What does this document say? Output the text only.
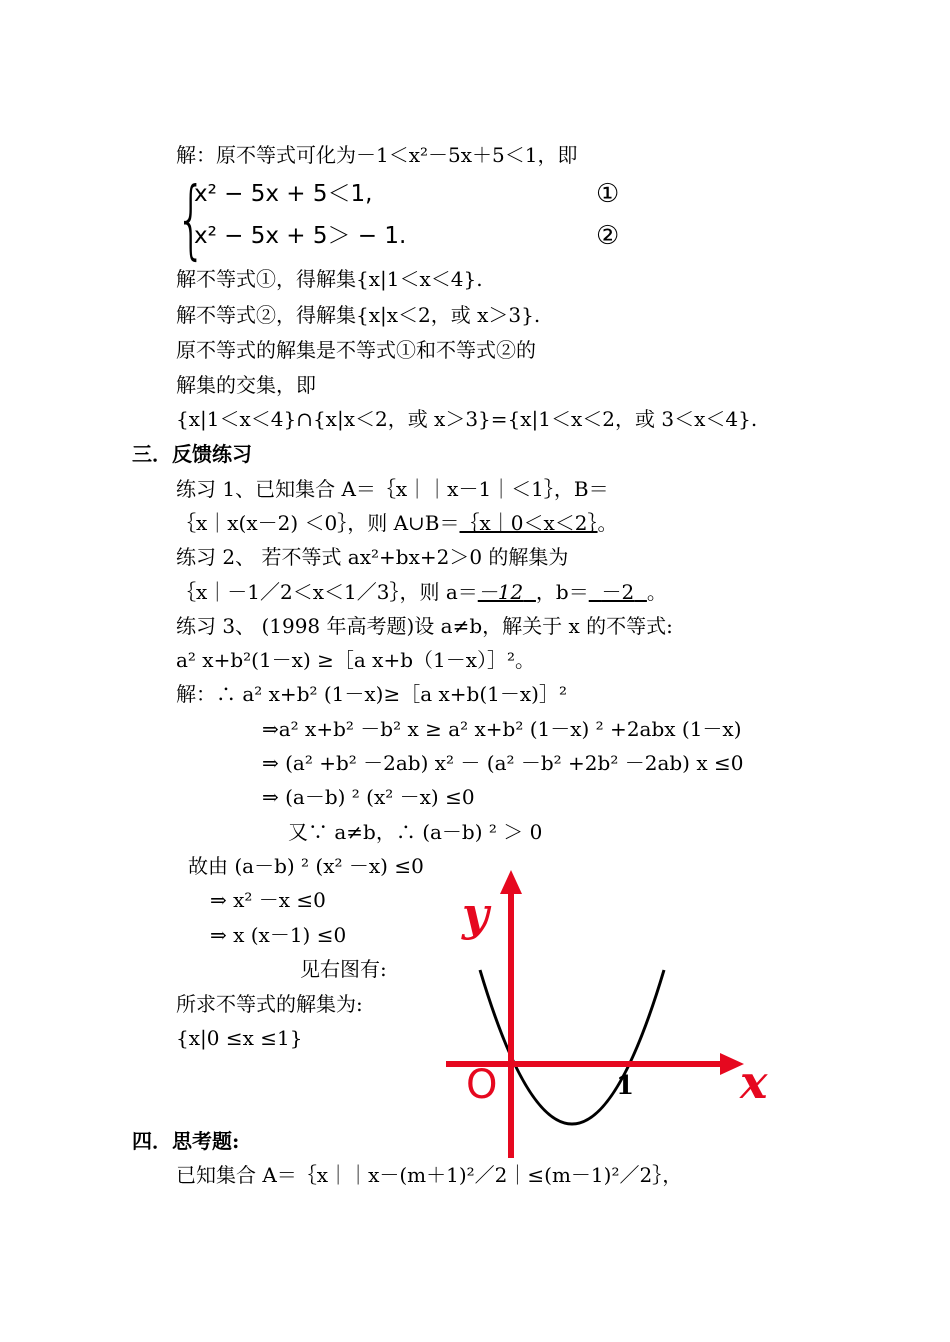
解：原不等式可化为－1＜x²－5x＋5＜1，即
{
x² − 5x + 5＜1,
x² − 5x + 5＞ − 1.
①
②
解不等式①，得解集{x|1＜x＜4}.
解不等式②，得解集{x|x＜2，或 x＞3}.
原不等式的解集是不等式①和不等式②的
解集的交集，即
{x|1＜x＜4}∩{x|x＜2，或 x＞3}={x|1＜x＜2，或 3＜x＜4}.
三．反馈练习
练习 1、已知集合 A＝｛x｜｜x－1｜＜1｝，B＝
｛x｜x(x－2) ＜0｝，则 A∪B＝｛x｜0＜x＜2｝。
练习 2、 若不等式 ax²+bx+2＞0 的解集为
｛x｜－1／2＜x＜1／3｝，则 a＝－12 ，b＝ －2 。
练习 3、 (1998 年高考题)设 a≠b，解关于 x 的不等式:
a² x+b²(1－x) ≥［a x+b（1－x）］²。
解：∴ a² x+b² (1－x)≥［a x+b(1－x)］²
⇒a² x+b² －b² x ≥ a² x+b² (1－x) ² +2abx (1－x)
⇒ (a² +b² －2ab) x² － (a² －b² +2b² －2ab) x ≤0
⇒ (a－b) ² (x² －x) ≤0
又∵ a≠b，∴ (a－b) ² ＞ 0
故由 (a－b) ² (x² －x) ≤0
⇒ x² －x ≤0
⇒ x (x－1) ≤0
见右图有:
所求不等式的解集为:
{x|0 ≤x ≤1}
y
x
O	1
四．思考题:
已知集合 A＝｛x｜｜x－(m＋1)²／2｜≤(m－1)²／2｝，
